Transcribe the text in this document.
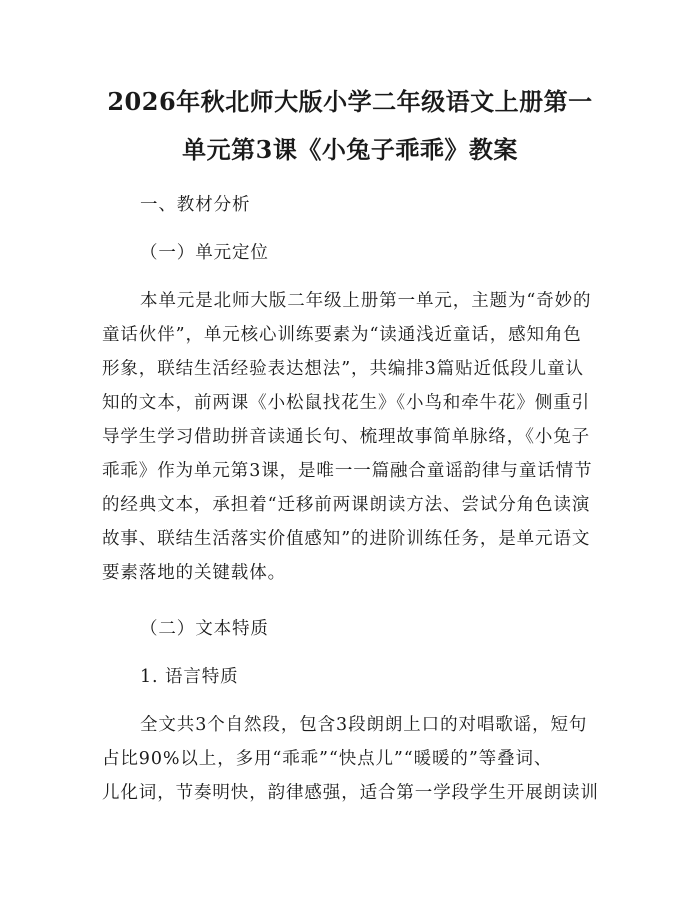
2026年秋北师大版小学二年级语文上册第一
单元第3课《小兔子乖乖》教案

一、教材分析

（一）单元定位

本单元是北师大版二年级上册第一单元，主题为“奇妙的

童话伙伴”，单元核心训练要素为“读通浅近童话，感知角色

形象，联结生活经验表达想法”，共编排3篇贴近低段儿童认

知的文本，前两课《小松鼠找花生》《小鸟和牵牛花》侧重引

导学生学习借助拼音读通长句、梳理故事简单脉络，《小兔子

乖乖》作为单元第3课，是唯一一篇融合童谣韵律与童话情节

的经典文本，承担着“迁移前两课朗读方法、尝试分角色读演

故事、联结生活落实价值感知”的进阶训练任务，是单元语文

要素落地的关键载体。

（二）文本特质

1. 语言特质

全文共3个自然段，包含3段朗朗上口的对唱歌谣，短句

占比90%以上，多用“乖乖”“快点儿”“暖暖的”等叠词、

儿化词，节奏明快，韵律感强，适合第一学段学生开展朗读训
